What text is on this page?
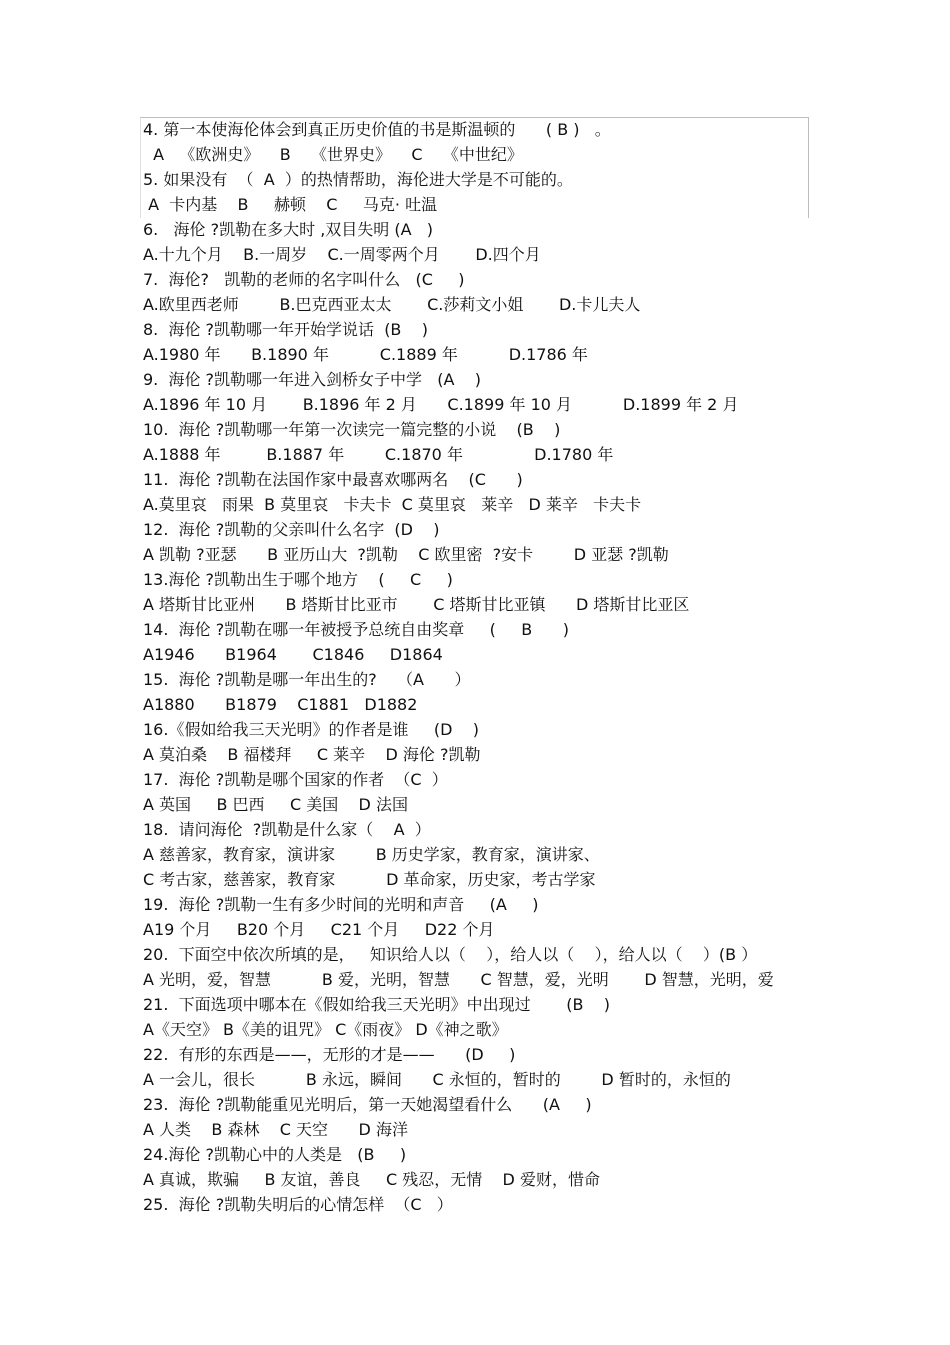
4. 第一本使海伦体会到真正历史价值的书是斯温顿的      ( B )   。
A   《欧洲史》    B    《世界史》    C    《中世纪》
5. 如果没有  （  A  ）的热情帮助，海伦进大学是不可能的。
A  卡内基    B     赫顿    C     马克· 吐温
6.   海伦 ?凯勒在多大时 ,双目失明 (A   )
A.十九个月    B.一周岁    C.一周零两个月       D.四个月
7.  海伦?   凯勒的老师的名字叫什么   (C     )
A.欧里西老师        B.巴克西亚太太       C.莎莉文小姐       D.卡儿夫人
8.  海伦 ?凯勒哪一年开始学说话  (B    )
A.1980 年      B.1890 年          C.1889 年          D.1786 年
9.  海伦 ?凯勒哪一年进入剑桥女子中学   (A    )
A.1896 年 10 月       B.1896 年 2 月      C.1899 年 10 月          D.1899 年 2 月
10.  海伦 ?凯勒哪一年第一次读完一篇完整的小说    (B    )
A.1888 年         B.1887 年        C.1870 年              D.1780 年
11.  海伦 ?凯勒在法国作家中最喜欢哪两名    (C      )
A.莫里哀   雨果  B 莫里哀   卡夫卡  C 莫里哀   莱辛   D 莱辛   卡夫卡
12.  海伦 ?凯勒的父亲叫什么名字  (D    )
A 凯勒 ?亚瑟      B 亚历山大  ?凯勒    C 欧里密  ?安卡        D 亚瑟 ?凯勒
13.海伦 ?凯勒出生于哪个地方    (     C     )
A 塔斯甘比亚州      B 塔斯甘比亚市       C 塔斯甘比亚镇      D 塔斯甘比亚区
14.  海伦 ?凯勒在哪一年被授予总统自由奖章     (     B      )
A1946      B1964       C1846     D1864
15.  海伦 ?凯勒是哪一年出生的?    （A      ）
A1880      B1879    C1881   D1882
16.《假如给我三天光明》的作者是谁     (D    )
A 莫泊桑    B 福楼拜     C 莱辛    D 海伦 ?凯勒
17.  海伦 ?凯勒是哪个国家的作者  （C  ）
A 英国     B 巴西     C 美国    D 法国
18.  请问海伦  ?凯勒是什么家（    A  ）
A 慈善家，教育家，演讲家        B 历史学家，教育家，演讲家、
C 考古家，慈善家，教育家          D 革命家，历史家，考古学家
19.  海伦 ?凯勒一生有多少时间的光明和声音     (A     )
A19 个月     B20 个月     C21 个月     D22 个月
20.  下面空中依次所填的是，   知识给人以（    ），给人以（    ），给人以（    ）(B ）
A 光明，爱，智慧          B 爱，光明，智慧      C 智慧，爱，光明       D 智慧，光明，爱
21.  下面选项中哪本在《假如给我三天光明》中出现过       (B    )
A《天空》 B《美的诅咒》 C《雨夜》 D《神之歌》
22.  有形的东西是——，无形的才是——      (D     )
A 一会儿，很长          B 永远，瞬间      C 永恒的，暂时的        D 暂时的，永恒的
23.  海伦 ?凯勒能重见光明后，第一天她渴望看什么      (A     )
A 人类    B 森林    C 天空      D 海洋
24.海伦 ?凯勒心中的人类是   (B     )
A 真诚，欺骗     B 友谊，善良     C 残忍，无情    D 爱财，惜命
25.  海伦 ?凯勒失明后的心情怎样  （C   ）
